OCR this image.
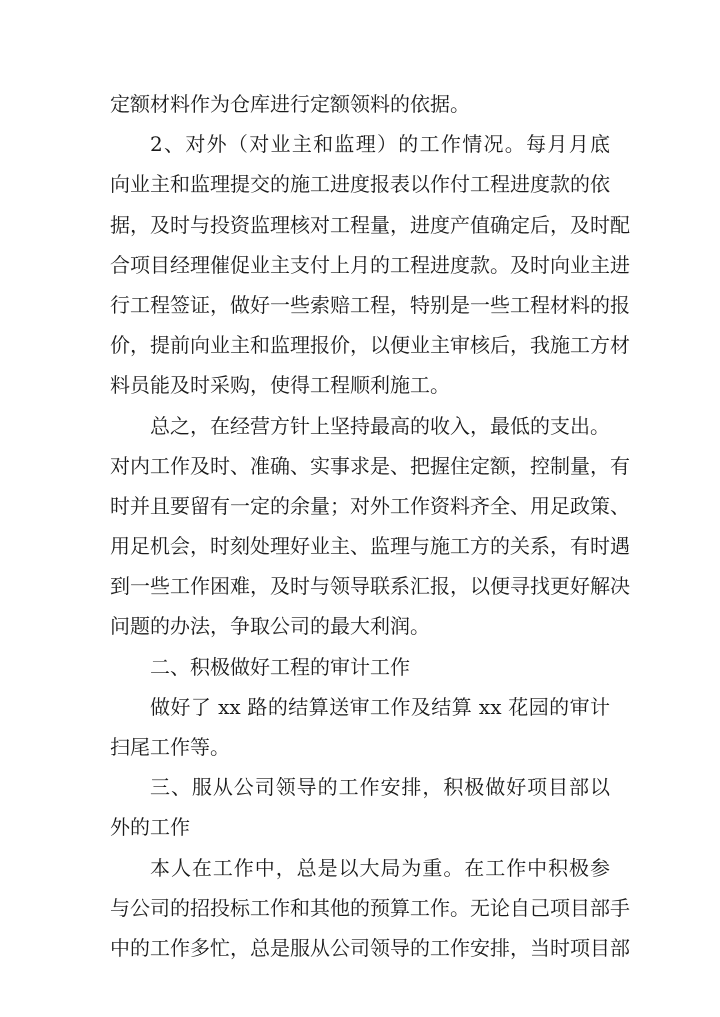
定额材料作为仓库进行定额领料的依据。
2、对外（对业主和监理）的工作情况。每月月底
向业主和监理提交的施工进度报表以作付工程进度款的依
据，及时与投资监理核对工程量，进度产值确定后，及时配
合项目经理催促业主支付上月的工程进度款。及时向业主进
行工程签证，做好一些索赔工程，特别是一些工程材料的报
价，提前向业主和监理报价，以便业主审核后，我施工方材
料员能及时采购，使得工程顺利施工。
总之，在经营方针上坚持最高的收入，最低的支出。
对内工作及时、准确、实事求是、把握住定额，控制量，有
时并且要留有一定的余量；对外工作资料齐全、用足政策、
用足机会，时刻处理好业主、监理与施工方的关系，有时遇
到一些工作困难，及时与领导联系汇报，以便寻找更好解决
问题的办法，争取公司的最大利润。
二、积极做好工程的审计工作
做好了 xx 路的结算送审工作及结算 xx 花园的审计
扫尾工作等。
三、服从公司领导的工作安排，积极做好项目部以
外的工作
本人在工作中，总是以大局为重。在工作中积极参
与公司的招投标工作和其他的预算工作。无论自己项目部手
中的工作多忙，总是服从公司领导的工作安排，当时项目部
